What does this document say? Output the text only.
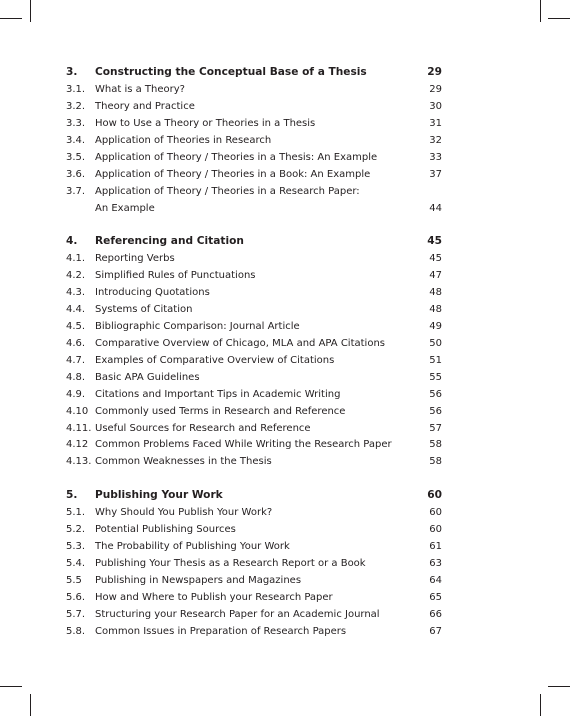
3. Constructing the Conceptual Base of a Thesis	29
3.1. What is a Theory?	29
3.2. Theory and Practice	30
3.3. How to Use a Theory or Theories in a Thesis	31
3.4. Application of Theories in Research	32
3.5. Application of Theory / Theories in a Thesis: An Example	33
3.6. Application of Theory / Theories in a Book: An Example	37
3.7. Application of Theory / Theories in a Research Paper:
An Example	44
4. Referencing and Citation	45
4.1. Reporting Verbs	45
4.2. Simplified Rules of Punctuations	47
4.3. Introducing Quotations	48
4.4. Systems of Citation	48
4.5. Bibliographic Comparison: Journal Article	49
4.6. Comparative Overview of Chicago, MLA and APA Citations	50
4.7. Examples of Comparative Overview of Citations	51
4.8. Basic APA Guidelines	55
4.9. Citations and Important Tips in Academic Writing	56
4.10 Commonly used Terms in Research and Reference	56
4.11. Useful Sources for Research and Reference	57
4.12 Common Problems Faced While Writing the Research Paper	58
4.13. Common Weaknesses in the Thesis	58
5. Publishing Your Work	60
5.1. Why Should You Publish Your Work?	60
5.2. Potential Publishing Sources	60
5.3. The Probability of Publishing Your Work	61
5.4. Publishing Your Thesis as a Research Report or a Book	63
5.5 Publishing in Newspapers and Magazines	64
5.6. How and Where to Publish your Research Paper	65
5.7. Structuring your Research Paper for an Academic Journal	66
5.8. Common Issues in Preparation of Research Papers	67
